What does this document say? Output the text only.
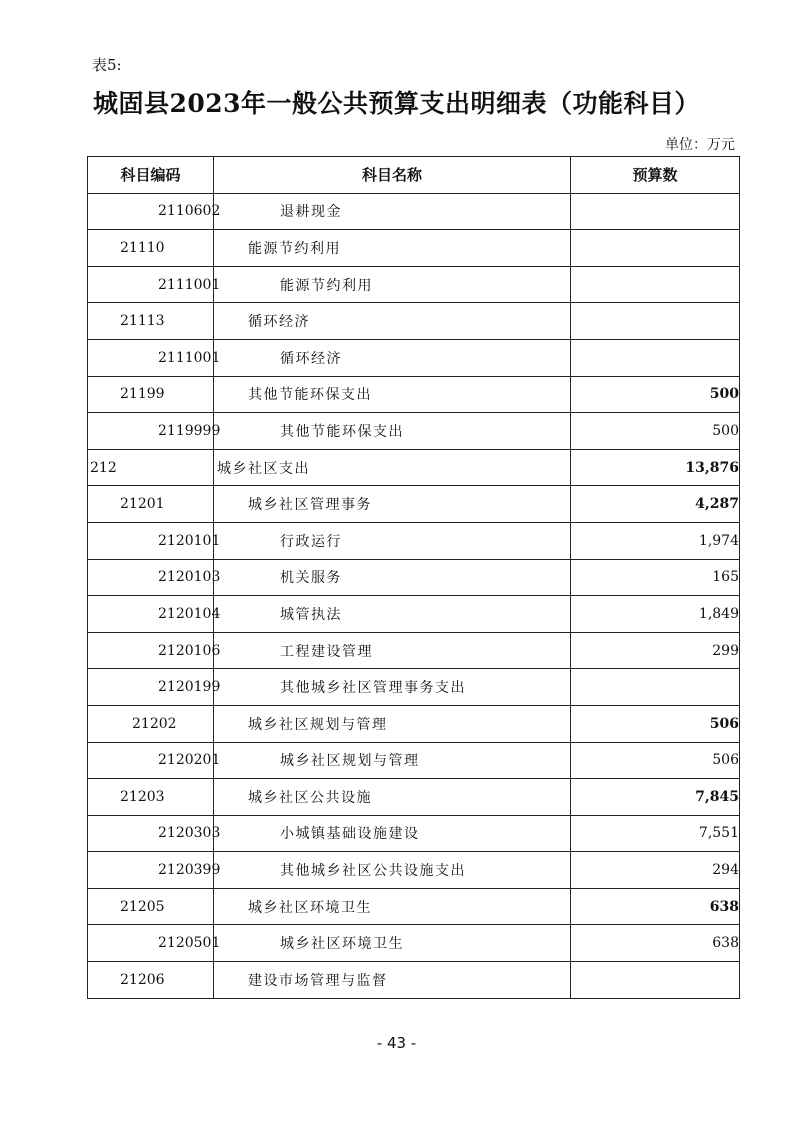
表5:
城固县2023年一般公共预算支出明细表（功能科目）
单位：万元
科目编码	科目名称	预算数
2110602	退耕现金	
21110	能源节约利用	
2111001	能源节约利用	
21113	循环经济	
2111001	循环经济	
21199	其他节能环保支出	500
2119999	其他节能环保支出	500
212	城乡社区支出	13,876
21201	城乡社区管理事务	4,287
2120101	行政运行	1,974
2120103	机关服务	165
2120104	城管执法	1,849
2120106	工程建设管理	299
2120199	其他城乡社区管理事务支出	
21202	城乡社区规划与管理	506
2120201	城乡社区规划与管理	506
21203	城乡社区公共设施	7,845
2120303	小城镇基础设施建设	7,551
2120399	其他城乡社区公共设施支出	294
21205	城乡社区环境卫生	638
2120501	城乡社区环境卫生	638
21206	建设市场管理与监督	
- 43 -
